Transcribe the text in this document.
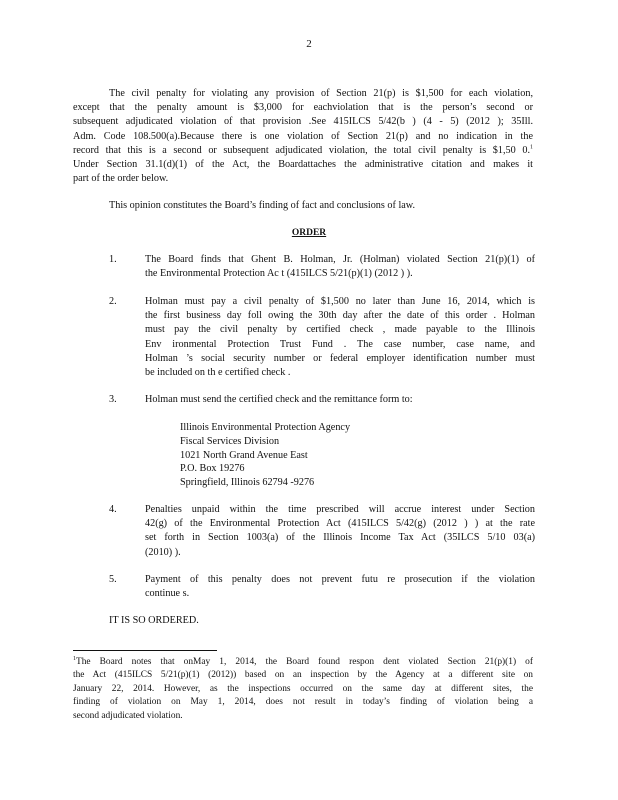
2
The civil penalty for violating any provision of Section 21(p) is $1,500 for each violation,
except that the penalty amount is $3,000 for eachviolation that is the person’s second or
subsequent adjudicated violation of that provision .See 415ILCS 5/42(b ) (4 - 5) (2012 ); 35Ill.
Adm. Code 108.500(a).Because there is one violation of Section 21(p) and no indication in the
record that this is a second or subsequent adjudicated violation, the total civil penalty is $1,50 0.$^1$
Under Section 31.1(d)(1) of the Act, the Boardattaches the administrative citation and makes it
part of the order below.
This opinion constitutes the Board’s finding of fact and conclusions of law.
ORDER
1.	The Board finds that Ghent B. Holman, Jr. (Holman) violated Section 21(p)(1) of
the Environmental Protection Ac t (415ILCS 5/21(p)(1) (2012 ) ).
2.	Holman must pay a civil penalty of $1,500 no later than June 16, 2014, which is
the first business day foll owing the 30th day after the date of this order . Holman
must pay the civil penalty by certified check , made payable to the Illinois
Env ironmental Protection Trust Fund . The case number, case name, and
Holman ’s social security number or federal employer identification number must
be included on th e certified check .
3.	Holman must send the certified check and the remittance form to:
Illinois Environmental Protection Agency
Fiscal Services Division
1021 North Grand Avenue East
P.O. Box 19276
Springfield, Illinois 62794 -9276
4.	Penalties unpaid within the time prescribed will accrue interest under Section
42(g) of the Environmental Protection Act (415ILCS 5/42(g) (2012 ) ) at the rate
set forth in Section 1003(a) of the Illinois Income Tax Act (35ILCS 5/10 03(a)
(2010) ).
5.	Payment of this penalty does not prevent futu re prosecution if the violation
continue s.
IT IS SO ORDERED.
$^1$The Board notes that onMay 1, 2014, the Board found respon dent violated Section 21(p)(1) of
the Act (415ILCS 5/21(p)(1) (2012)) based on an inspection by the Agency at a different site on
January 22, 2014. However, as the inspections occurred on the same day at different sites, the
finding of violation on May 1, 2014, does not result in today’s finding of violation being a
second adjudicated violation.
